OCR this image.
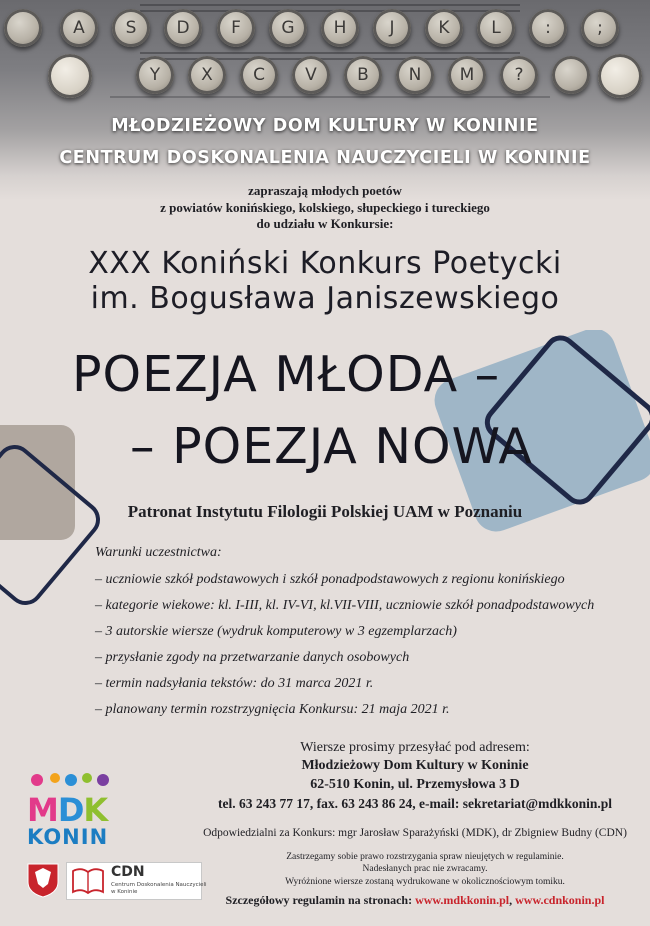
A	S	D	F	G	H	J	K	L	:	;
Y	X	C	V	B	N	M	?
MŁODZIEŻOWY DOM KULTURY W KONINIE
CENTRUM DOSKONALENIA NAUCZYCIELI W KONINIE
zapraszają młodych poetów
z powiatów konińskiego, kolskiego, słupeckiego i tureckiego
do udziału w Konkursie:
XXX Koniński Konkurs Poetycki
im. Bogusława Janiszewskiego
POEZJA MŁODA –
– POEZJA NOWA
Patronat Instytutu Filologii Polskiej UAM w Poznaniu
Warunki uczestnictwa:
– uczniowie szkół podstawowych i szkół ponadpodstawowych z regionu konińskiego
– kategorie wiekowe: kl. I-III, kl. IV-VI, kl.VII-VIII, uczniowie szkół ponadpodstawowych
– 3 autorskie wiersze (wydruk komputerowy w 3 egzemplarzach)
– przysłanie zgody na przetwarzanie danych osobowych
– termin nadsyłania tekstów: do 31 marca 2021 r.
– planowany termin rozstrzygnięcia Konkursu: 21 maja 2021 r.
Wiersze prosimy przesyłać pod adresem:
Młodzieżowy Dom Kultury w Koninie
62-510 Konin, ul. Przemysłowa 3 D
tel. 63 243 77 17, fax. 63 243 86 24, e-mail: sekretariat@mdkkonin.pl
Odpowiedzialni za Konkurs: mgr Jarosław Sparażyński (MDK), dr Zbigniew Budny (CDN)
Zastrzegamy sobie prawo rozstrzygania spraw nieujętych w regulaminie.
Nadesłanych prac nie zwracamy.
Wyróżnione wiersze zostaną wydrukowane w okolicznościowym tomiku.
Szczegółowy regulamin na stronach: www.mdkkonin.pl, www.cdnkonin.pl
MDK
KONIN
CDN
Centrum Doskonalenia Nauczycieli
w Koninie
